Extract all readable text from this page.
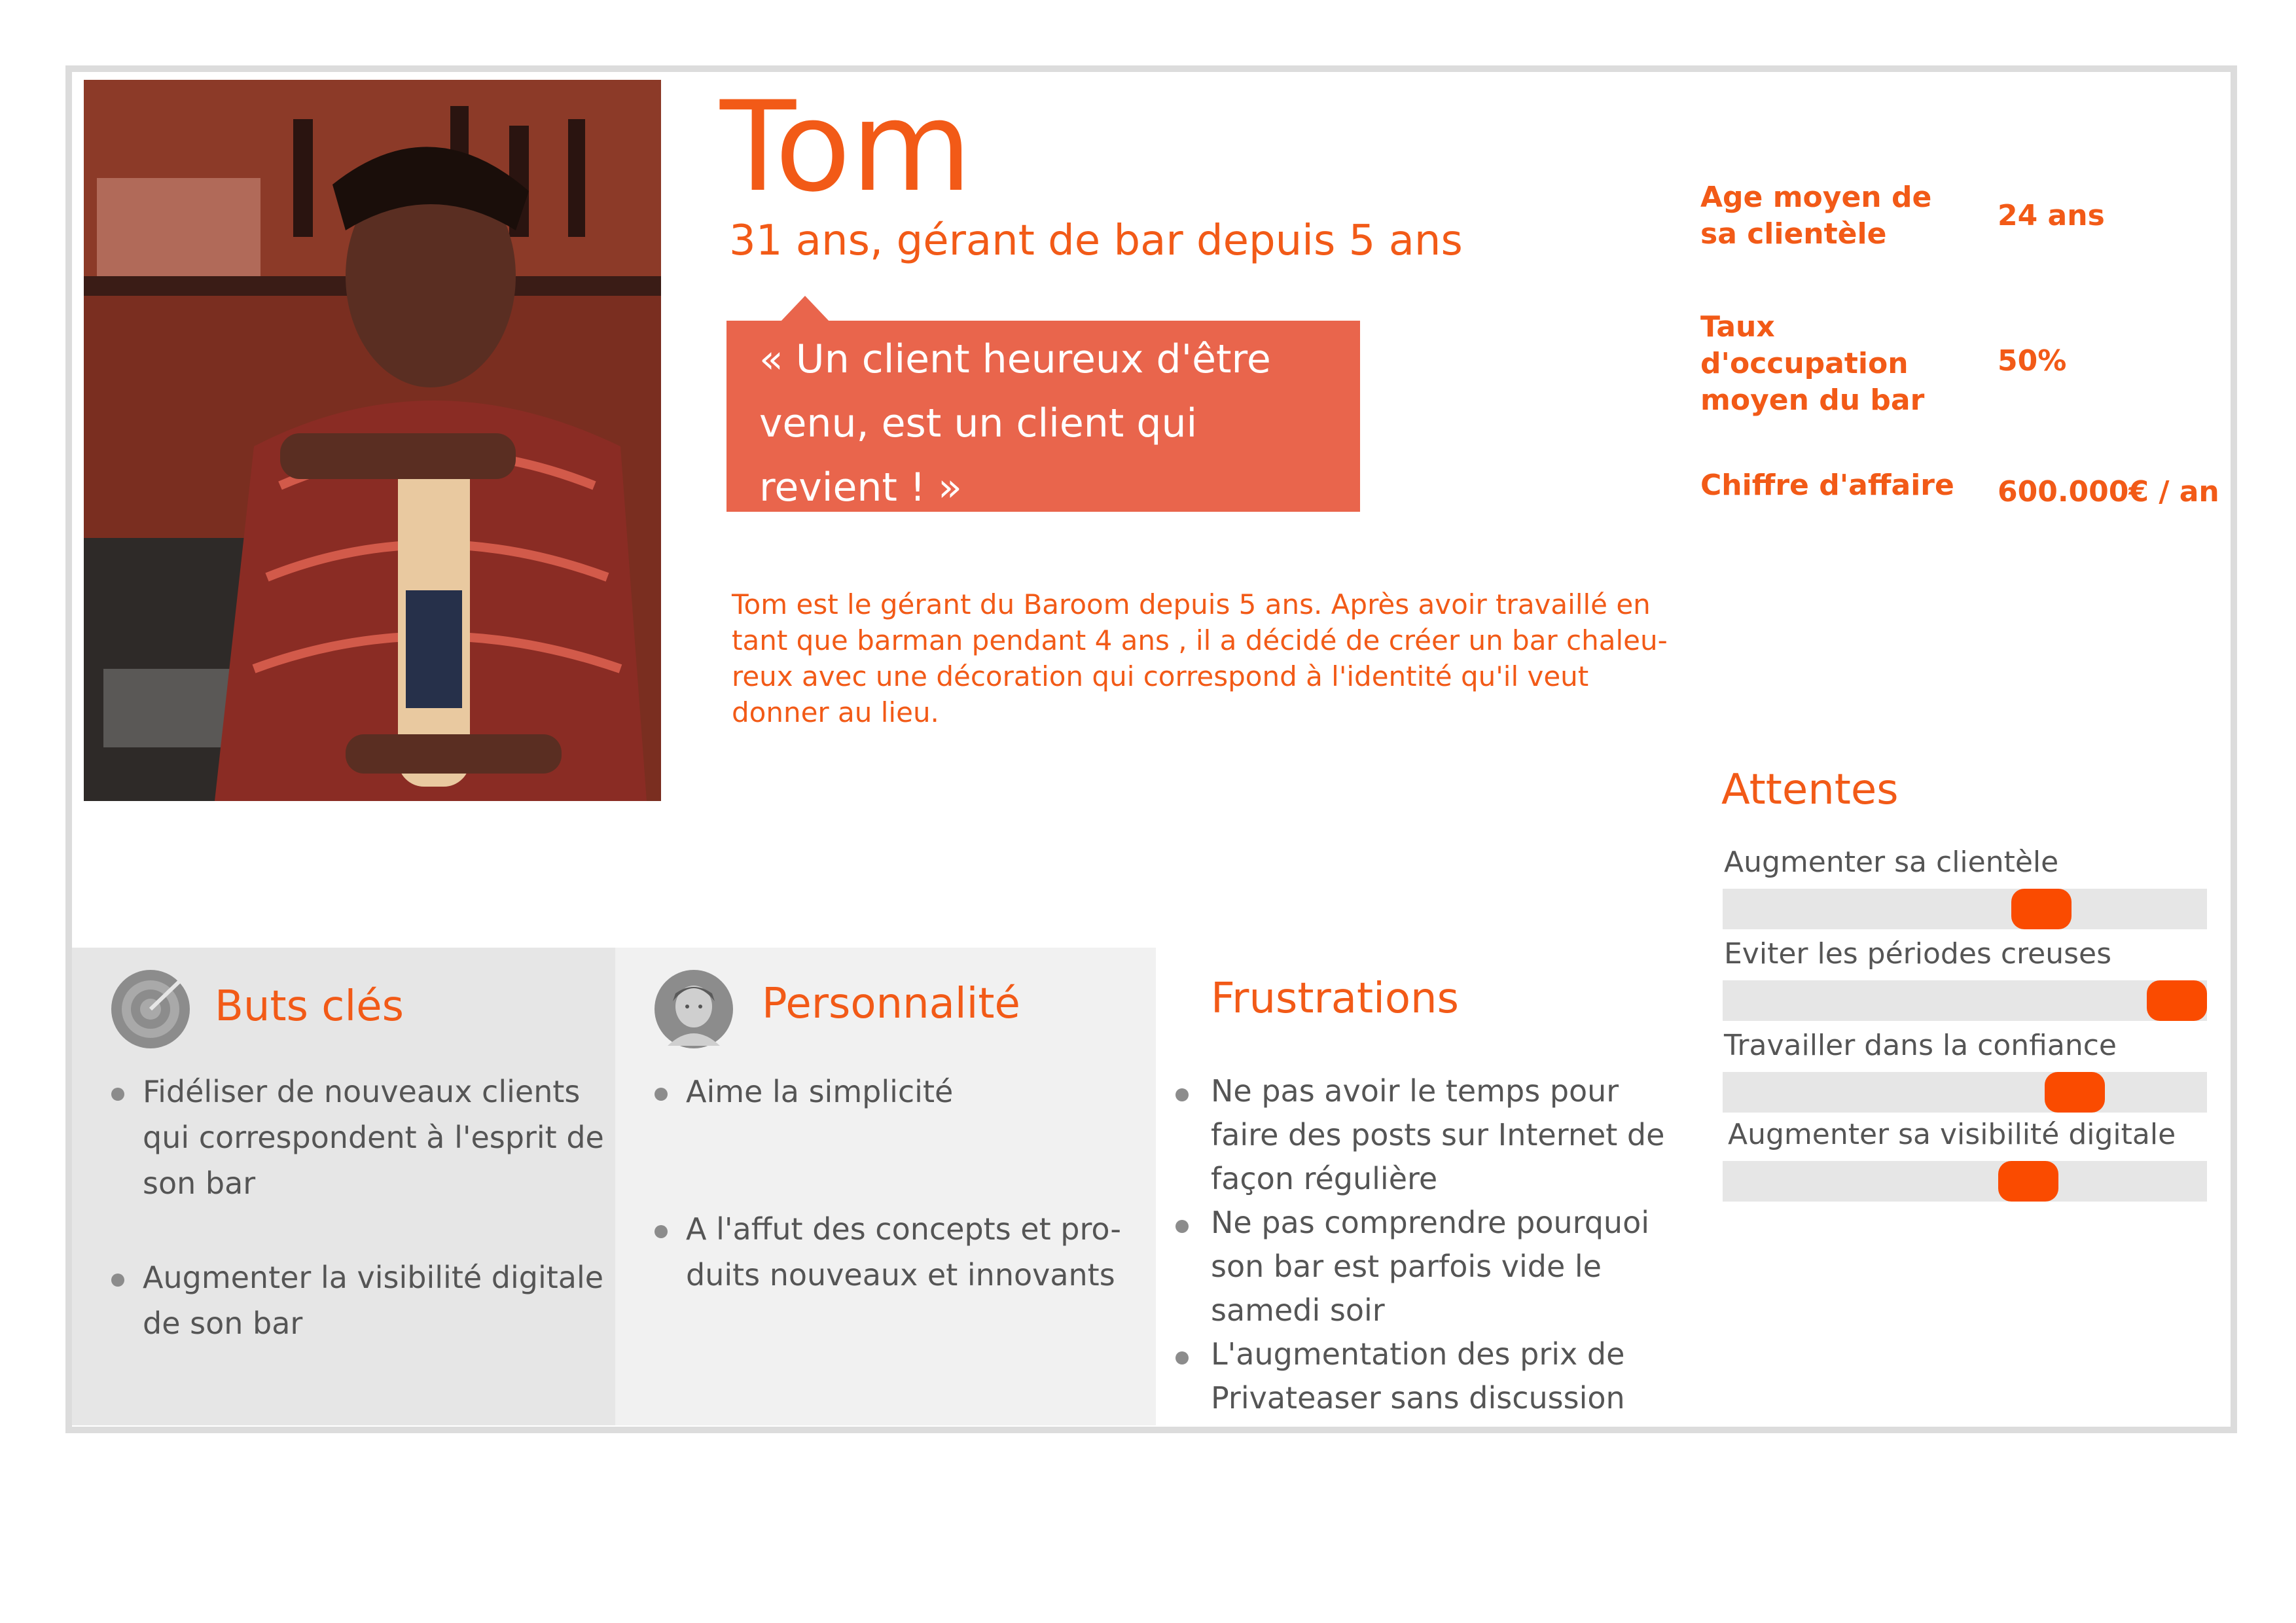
Tom
31 ans, gérant de bar depuis 5 ans
« Un client heureux d'être
venu, est un client qui
revient ! »
Tom est le gérant du Baroom depuis 5 ans. Après avoir travaillé en
tant que barman pendant 4 ans , il a décidé de créer un bar chaleu-
reux avec une décoration qui correspond à l'identité qu'il veut
donner au lieu.
Age moyen de
sa clientèle
24 ans
Taux
d'occupation
moyen du bar
50%
Chiffre d'affaire 600.000€ / an
Attentes
Augmenter sa clientèle
Eviter les périodes creuses
Travailler dans la confiance
Augmenter sa visibilité digitale
Buts clés
Fidéliser de nouveaux clients
qui correspondent à l'esprit de
son bar
Augmenter la visibilité digitale
de son bar
Personnalité
Aime la simplicité
A l'affut des concepts et pro-
duits nouveaux et innovants
Frustrations
Ne pas avoir le temps pour
faire des posts sur Internet de
façon régulière
Ne pas comprendre pourquoi
son bar est parfois vide le
samedi soir
L'augmentation des prix de
Privateaser sans discussion
